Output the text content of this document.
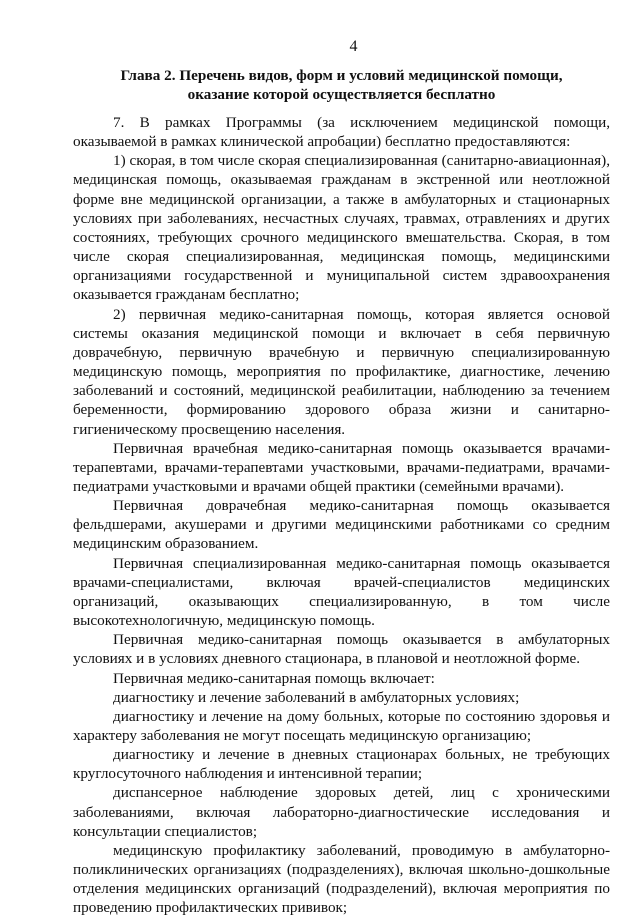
4
Глава 2. Перечень видов, форм и условий медицинской помощи,
оказание которой осуществляется бесплатно

7. В рамках Программы (за исключением медицинской помощи, оказываемой в рамках клинической апробации) бесплатно предоставляются:

1) скорая, в том числе скорая специализированная (санитарно-авиационная), медицинская помощь, оказываемая гражданам в экстренной или неотложной форме вне медицинской организации, а также в амбулаторных и стационарных условиях при заболеваниях, несчастных случаях, травмах, отравлениях и других состояниях, требующих срочного медицинского вмешательства. Скорая, в том числе скорая специализированная, медицинская помощь, медицинскими организациями государственной и муниципальной систем здравоохранения оказывается гражданам бесплатно;

2) первичная медико-санитарная помощь, которая является основой системы оказания медицинской помощи и включает в себя первичную доврачебную, первичную врачебную и первичную специализированную медицинскую помощь, мероприятия по профилактике, диагностике, лечению заболеваний и состояний, медицинской реабилитации, наблюдению за течением беременности, формированию здорового образа жизни и санитарно-гигиеническому просвещению населения.

Первичная врачебная медико-санитарная помощь оказывается врачами-терапевтами, врачами-терапевтами участковыми, врачами-педиатрами, врачами-педиатрами участковыми и врачами общей практики (семейными врачами).

Первичная доврачебная медико-санитарная помощь оказывается фельдшерами, акушерами и другими медицинскими работниками со средним медицинским образованием.

Первичная специализированная медико-санитарная помощь оказывается врачами-специалистами, включая врачей-специалистов медицинских организаций, оказывающих специализированную, в том числе высокотехнологичную, медицинскую помощь.

Первичная медико-санитарная помощь оказывается в амбулаторных условиях и в условиях дневного стационара, в плановой и неотложной форме.

Первичная медико-санитарная помощь включает:

диагностику и лечение заболеваний в амбулаторных условиях;

диагностику и лечение на дому больных, которые по состоянию здоровья и характеру заболевания не могут посещать медицинскую организацию;

диагностику и лечение в дневных стационарах больных, не требующих круглосуточного наблюдения и интенсивной терапии;

диспансерное наблюдение здоровых детей, лиц с хроническими заболеваниями, включая лабораторно-диагностические исследования и консультации специалистов;

медицинскую профилактику заболеваний, проводимую в амбулаторно-поликлинических организациях (подразделениях), включая школьно-дошкольные отделения медицинских организаций (подразделений), включая мероприятия по проведению профилактических прививок;
